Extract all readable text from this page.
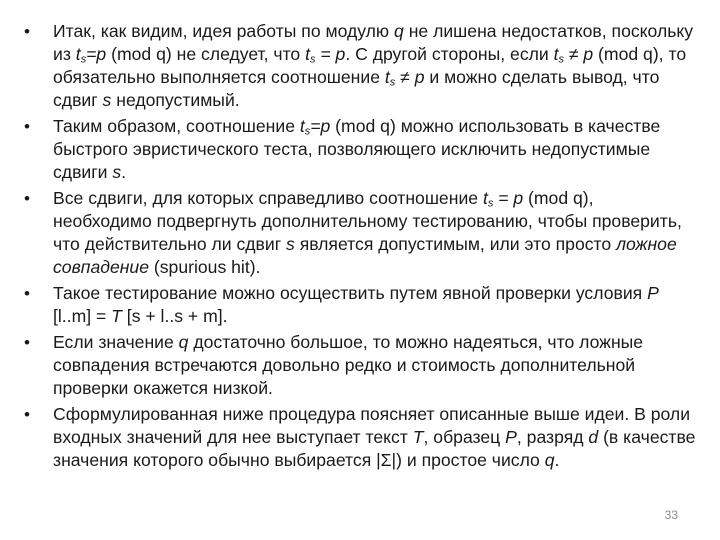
• Итак, как видим, идея работы по модулю q не лишена недостатков, поскольку из $t_s=p$ (mod q) не следует, что $t_s = p$. С другой стороны, если $t_s \ne p$ (mod q), то обязательно выполняется соотношение $t_s \ne p$ и можно сделать вывод, что сдвиг s недопустимый.
• Таким образом, соотношение $t_s=p$ (mod q) можно использовать в качестве быстрого эвристического теста, позволяющего исключить недопустимые сдвиги s.
• Все сдвиги, для которых справедливо соотношение $t_s = p$ (mod q), необходимо подвергнуть дополнительному тестированию, чтобы проверить, что действительно ли сдвиг s является допустимым, или это просто ложное совпадение (spurious hit).
• Такое тестирование можно осуществить путем явной проверки условия P [l..m] = T [s + l..s + m].
• Если значение q достаточно большое, то можно надеяться, что ложные совпадения встречаются довольно редко и стоимость дополнительной проверки окажется низкой.
• Сформулированная ниже процедура поясняет описанные выше идеи. В роли входных значений для нее выступает текст T, образец P, разряд d (в качестве значения которого обычно выбирается |Σ|) и простое число q.
33
